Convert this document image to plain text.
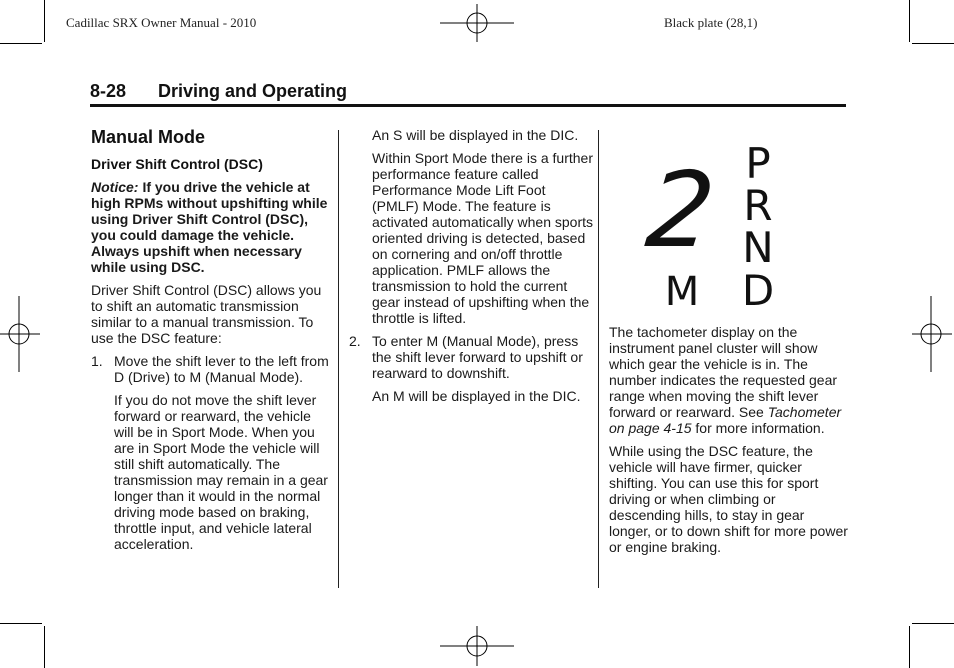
Cadillac SRX Owner Manual - 2010	Black plate (28,1)
8-28	Driving and Operating
Manual Mode
Driver Shift Control (DSC)

Notice: If you drive the vehicle at high RPMs without upshifting while using Driver Shift Control (DSC), you could damage the vehicle. Always upshift when necessary while using DSC.

Driver Shift Control (DSC) allows you to shift an automatic transmission similar to a manual transmission. To use the DSC feature:

1. Move the shift lever to the left from D (Drive) to M (Manual Mode).

If you do not move the shift lever forward or rearward, the vehicle will be in Sport Mode. When you are in Sport Mode the vehicle will still shift automatically. The transmission may remain in a gear longer than it would in the normal driving mode based on braking, throttle input, and vehicle lateral acceleration.

An S will be displayed in the DIC.

Within Sport Mode there is a further performance feature called Performance Mode Lift Foot (PMLF) Mode. The feature is activated automatically when sports oriented driving is detected, based on cornering and on/off throttle application. PMLF allows the transmission to hold the current gear instead of upshifting when the throttle is lifted.

2. To enter M (Manual Mode), press the shift lever forward to upshift or rearward to downshift.

An M will be displayed in the DIC.

2
M
P
R
N
D

The tachometer display on the instrument panel cluster will show which gear the vehicle is in. The number indicates the requested gear range when moving the shift lever forward or rearward. See Tachometer on page 4-15 for more information.

While using the DSC feature, the vehicle will have firmer, quicker shifting. You can use this for sport driving or when climbing or descending hills, to stay in gear longer, or to down shift for more power or engine braking.
